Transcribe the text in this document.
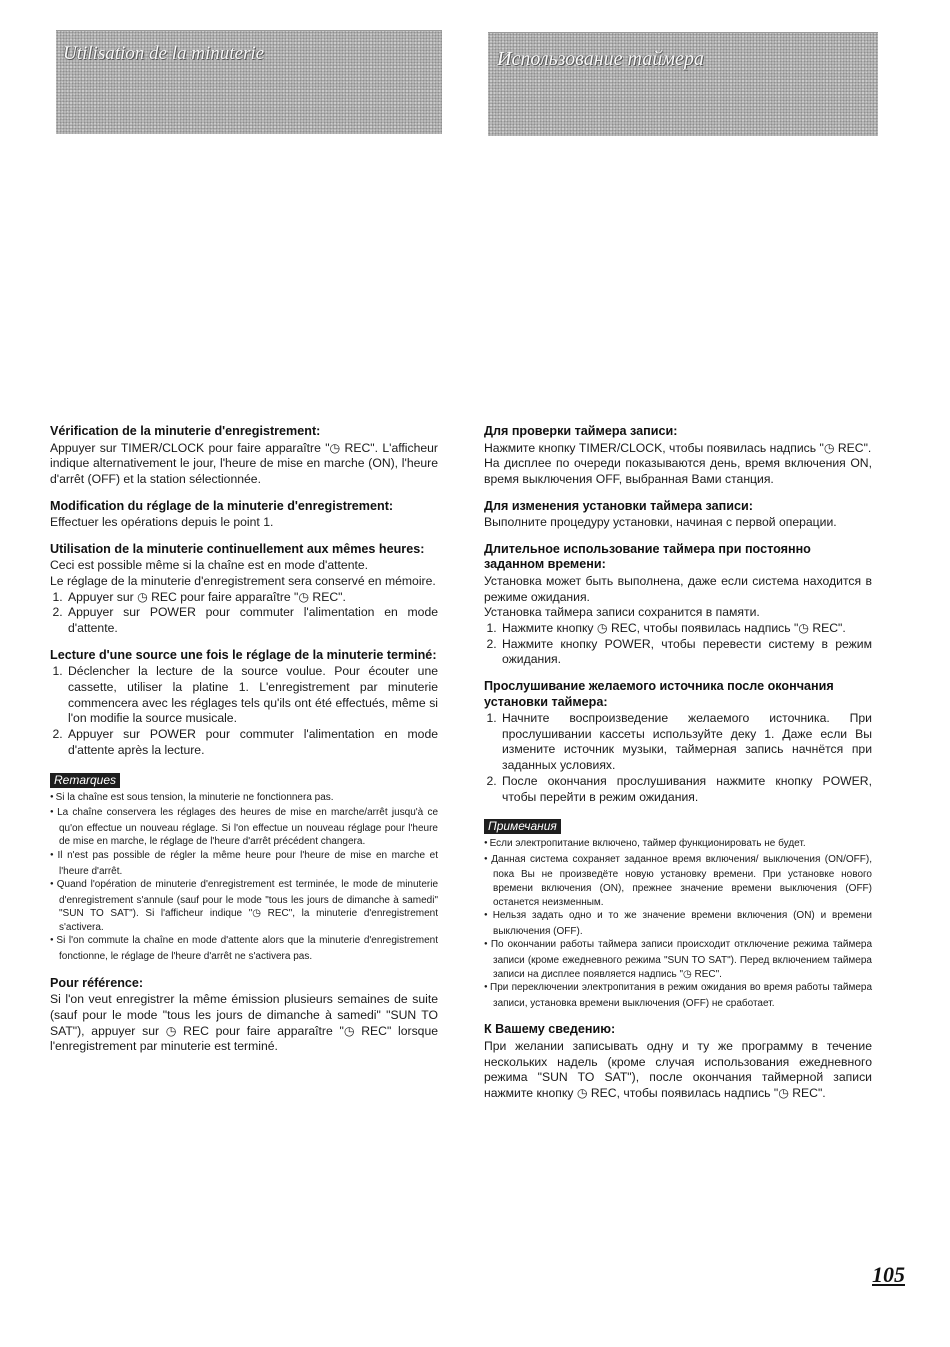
Utilisation de la minuterie	Использование таймера
Vérification de la minuterie d'enregistrement:

Appuyer sur TIMER/CLOCK pour faire apparaître "◷ REC". L'afficheur indique alternativement le jour, l'heure de mise en marche (ON), l'heure d'arrêt (OFF) et la station sélectionnée.

Modification du réglage de la minuterie d'enregistrement:

Effectuer les opérations depuis le point 1.

Utilisation de la minuterie continuellement aux mêmes heures:

Ceci est possible même si la chaîne est en mode d'attente.

Le réglage de la minuterie d'enregistrement sera conservé en mémoire.

1. Appuyer sur ◷ REC pour faire apparaître "◷ REC".
2. Appuyer sur POWER pour commuter l'alimentation en mode d'attente.
Lecture d'une source une fois le réglage de la minuterie terminé:
1. Déclencher la lecture de la source voulue. Pour écouter une cassette, utiliser la platine 1. L'enregistrement par minuterie commencera avec les réglages tels qu'ils ont été effectués, même si l'on modifie la source musicale.
2. Appuyer sur POWER pour commuter l'alimentation en mode d'attente après la lecture.
Remarques
● Si la chaîne est sous tension, la minuterie ne fonctionnera pas.
● La chaîne conservera les réglages des heures de mise en marche/arrêt jusqu'à ce qu'on effectue un nouveau réglage. Si l'on effectue un nouveau réglage pour l'heure de mise en marche, le réglage de l'heure d'arrêt précédent changera.
● Il n'est pas possible de régler la même heure pour l'heure de mise en marche et l'heure d'arrêt.
● Quand l'opération de minuterie d'enregistrement est terminée, le mode de minuterie d'enregistrement s'annule (sauf pour le mode "tous les jours de dimanche à samedi" "SUN TO SAT"). Si l'afficheur indique "◷ REC", la minuterie d'enregistrement s'activera.
● Si l'on commute la chaîne en mode d'attente alors que la minuterie d'enregistrement fonctionne, le réglage de l'heure d'arrêt ne s'activera pas.
Pour référence:

Si l'on veut enregistrer la même émission plusieurs semaines de suite (sauf pour le mode "tous les jours de dimanche à samedi" "SUN TO SAT"), appuyer sur ◷ REC pour faire apparaître "◷ REC" lorsque l'enregistrement par minuterie est terminé.

Для проверки таймера записи:

Нажмите кнопку TIMER/CLOCK, чтобы появилась надпись "◷ REC".

На дисплее по очереди показываются день, время включения ON, время выключения OFF, выбранная Вами станция.

Для изменения установки таймера записи:

Выполните процедуру установки, начиная с первой операции.

Длительное использование таймера при постоянно заданном времени:

Установка может быть выполнена, даже если система находится в режиме ожидания.

Установка таймера записи сохранится в памяти.

1. Нажмите кнопку ◷ REC, чтобы появилась надпись "◷ REC".
2. Нажмите кнопку POWER, чтобы перевести систему в режим ожидания.
Прослушивание желаемого источника после окончания установки таймера:
1. Начните воспроизведение желаемого источника. При прослушивании кассеты используйте деку 1. Даже если Вы измените источник музыки, таймерная запись начнётся при заданных условиях.
2. После окончания прослушивания нажмите кнопку POWER, чтобы перейти в режим ожидания.
Примечания
● Если электропитание включено, таймер функционировать не будет.
● Данная система сохраняет заданное время включения/ выключения (ON/OFF), пока Вы не произведёте новую установку времени. При установке нового времени включения (ON), прежнее значение времени выключения (OFF) останется неизменным.
● Нельзя задать одно и то же значение времени включения (ON) и времени выключения (OFF).
● По окончании работы таймера записи происходит отключение режима таймера записи (кроме ежедневного режима "SUN TO SAT"). Перед включением таймера записи на дисплее появляется надпись "◷ REC".
● При переключении электропитания в режим ожидания во время работы таймера записи, установка времени выключения (OFF) не сработает.
К Вашему сведению:

При желании записывать одну и ту же программу в течение нескольких надель (кроме случая использования ежедневного режима "SUN TO SAT"), после окончания таймерной записи нажмите кнопку ◷ REC, чтобы появилась надпись "◷ REC".

105
